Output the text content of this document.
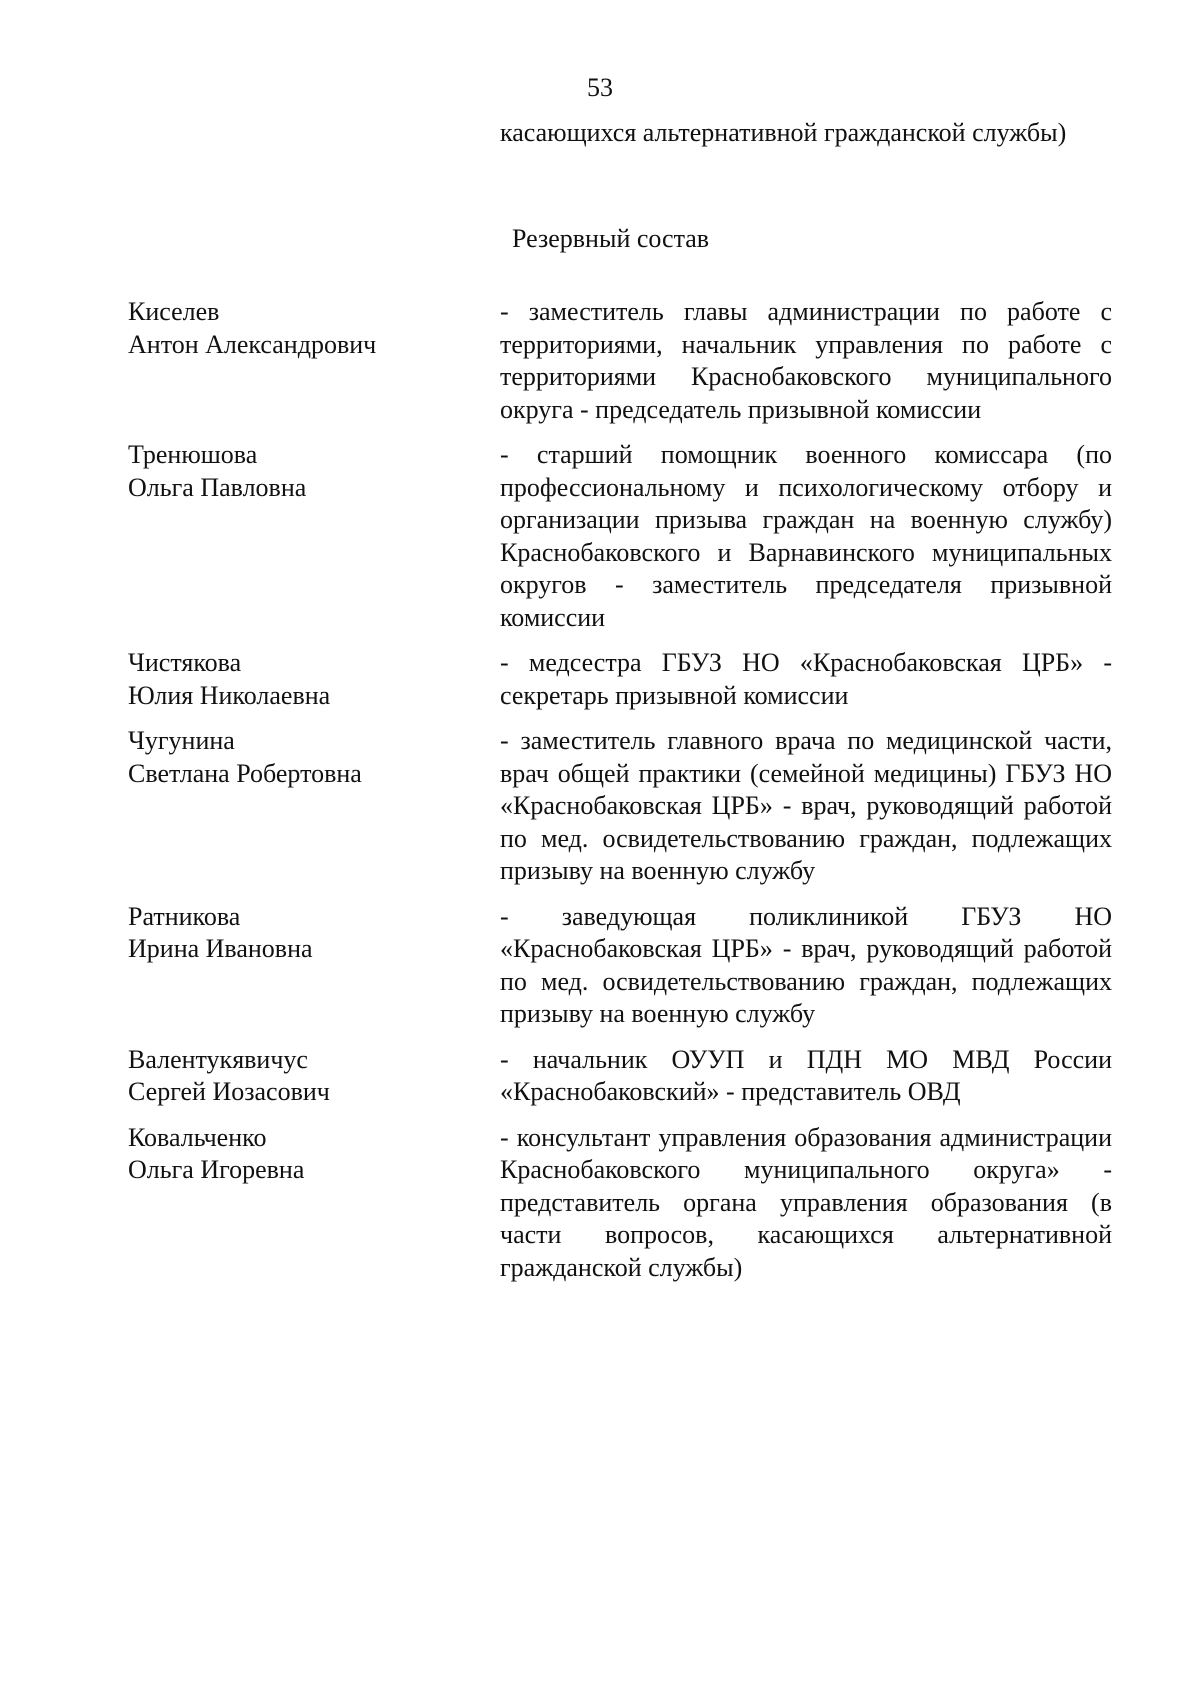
53
касающихся альтернативной гражданской службы)
Резервный состав
Киселев
Антон Александрович
- заместитель главы администрации по работе с территориями, начальник управления по работе с территориями Краснобаковского муниципального округа - председатель призывной комиссии
Тренюшова
Ольга Павловна
- старший помощник военного комиссара (по профессиональному и психологическому отбору и организации призыва граждан на военную службу) Краснобаковского и Варнавинского муниципальных округов - заместитель председателя призывной комиссии
Чистякова
Юлия Николаевна
- медсестра ГБУЗ НО «Краснобаковская ЦРБ» - секретарь призывной комиссии
Чугунина
Светлана Робертовна
- заместитель главного врача по медицинской части, врач общей практики (семейной медицины) ГБУЗ НО «Краснобаковская ЦРБ» - врач, руководящий работой по мед. освидетельствованию граждан, подлежащих призыву на военную службу
Ратникова
Ирина Ивановна
- заведующая поликлиникой ГБУЗ НО «Краснобаковская ЦРБ» - врач, руководящий работой по мед. освидетельствованию граждан, подлежащих призыву на военную службу
Валентукявичус
Сергей Иозасович
- начальник ОУУП и ПДН МО МВД России «Краснобаковский» - представитель ОВД
Ковальченко
Ольга Игоревна
- консультант управления образования администрации Краснобаковского муниципального округа» - представитель органа управления образования (в части вопросов, касающихся альтернативной гражданской службы)
